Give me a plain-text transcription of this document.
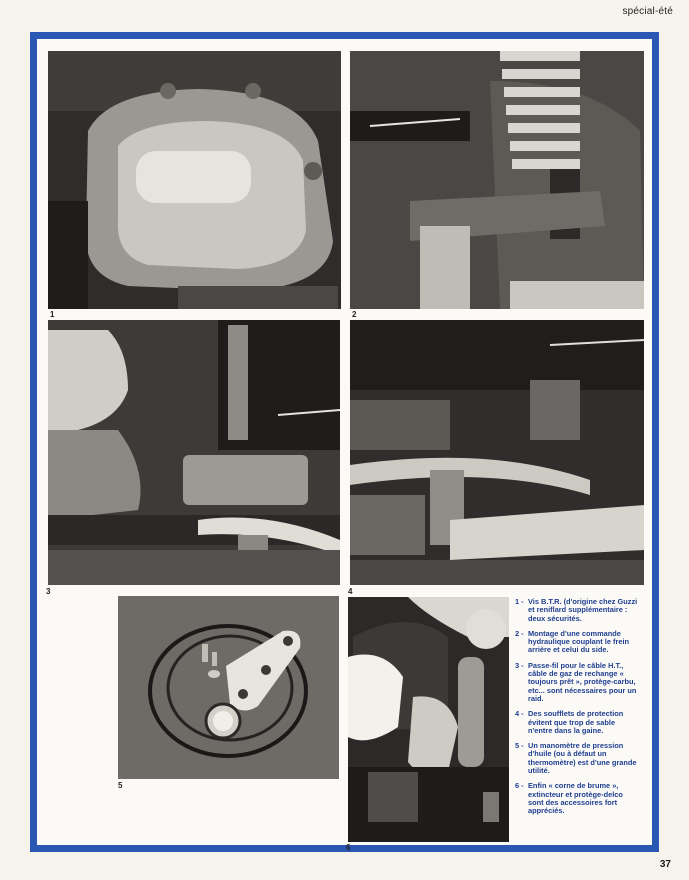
spécial-été
1	2
3	4
5
6
1 - Vis B.T.R. (d'origine chez Guzzi et reniflard supplémentaire : deux sécurités.
2 - Montage d'une commande hydraulique couplant le frein arrière et celui du side.
3 - Passe-fil pour le câble H.T., câble de gaz de rechange « toujours prêt », protège-carbu, etc... sont nécessaires pour un raid.
4 - Des soufflets de protection évitent que trop de sable n'entre dans la gaine.
5 - Un manomètre de pression d'huile (ou à défaut un thermomètre) est d'une grande utilité.
6 - Enfin « corne de brume », extincteur et protège-delco sont des accessoires fort appréciés.
37
